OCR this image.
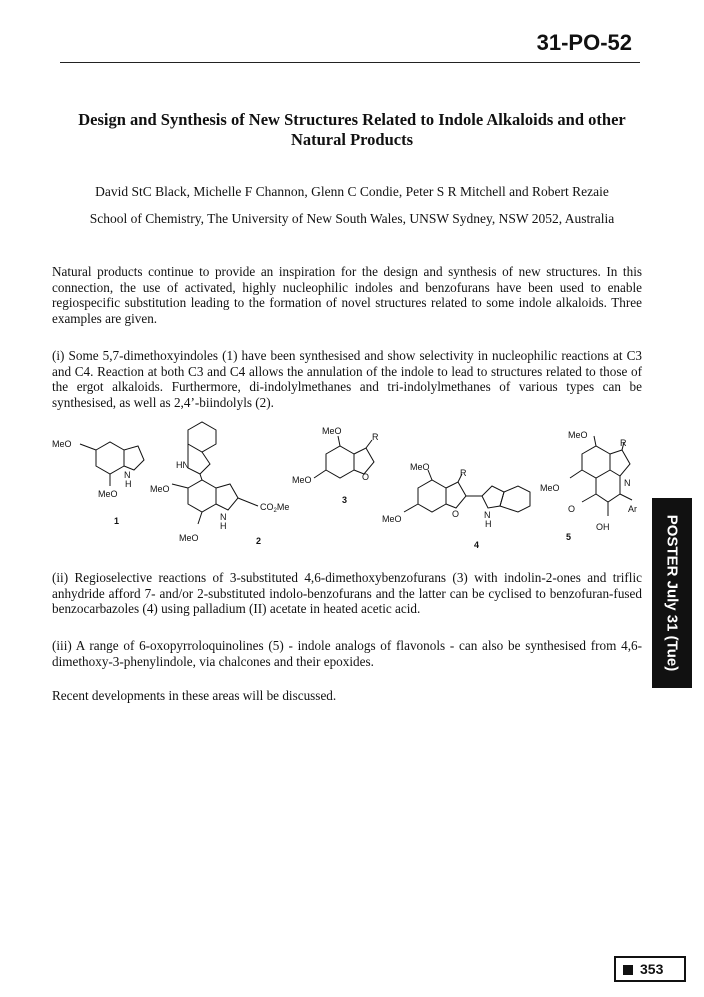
31-PO-52
Design and Synthesis of New Structures Related to Indole Alkaloids and other Natural Products
David StC Black, Michelle F Channon, Glenn C Condie, Peter S R Mitchell and Robert Rezaie
School of Chemistry, The University of New South Wales, UNSW Sydney, NSW 2052, Australia
Natural products continue to provide an inspiration for the design and synthesis of new structures. In this connection, the use of activated, highly nucleophilic indoles and benzofurans have been used to enable regiospecific substitution leading to the formation of novel structures related to some indole alkaloids. Three examples are given.
(i) Some 5,7-dimethoxyindoles (1) have been synthesised and show selectivity in nucleophilic reactions at C3 and C4. Reaction at both C3 and C4 allows the annulation of the indole to lead to structures related to those of the ergot alkaloids. Furthermore, di-indolylmethanes and tri-indolylmethanes of various types can be synthesised, as well as 2,4’-biindolyls (2).
MeO
MeO
N
H
1
HN
MeO
$CO_2Me$
N
H
MeO	2
MeO
R
MeO	O
3
MeO
R
MeO	O	N
H
4
MeO
R
MeO	N
O
OH
Ar
5
(ii) Regioselective reactions of 3-substituted 4,6-dimethoxybenzofurans (3) with indolin-2-ones and triflic anhydride afford 7- and/or 2-substituted indolo-benzofurans and the latter can be cyclised to benzofuran-fused benzocarbazoles (4) using palladium (II) acetate in heated acetic acid.
(iii) A range of 6-oxopyrroloquinolines (5) - indole analogs of flavonols - can also be synthesised from 4,6-dimethoxy-3-phenylindole, via chalcones and their epoxides.
Recent developments in these areas will be discussed.
POSTER July 31 (Tue)
353
